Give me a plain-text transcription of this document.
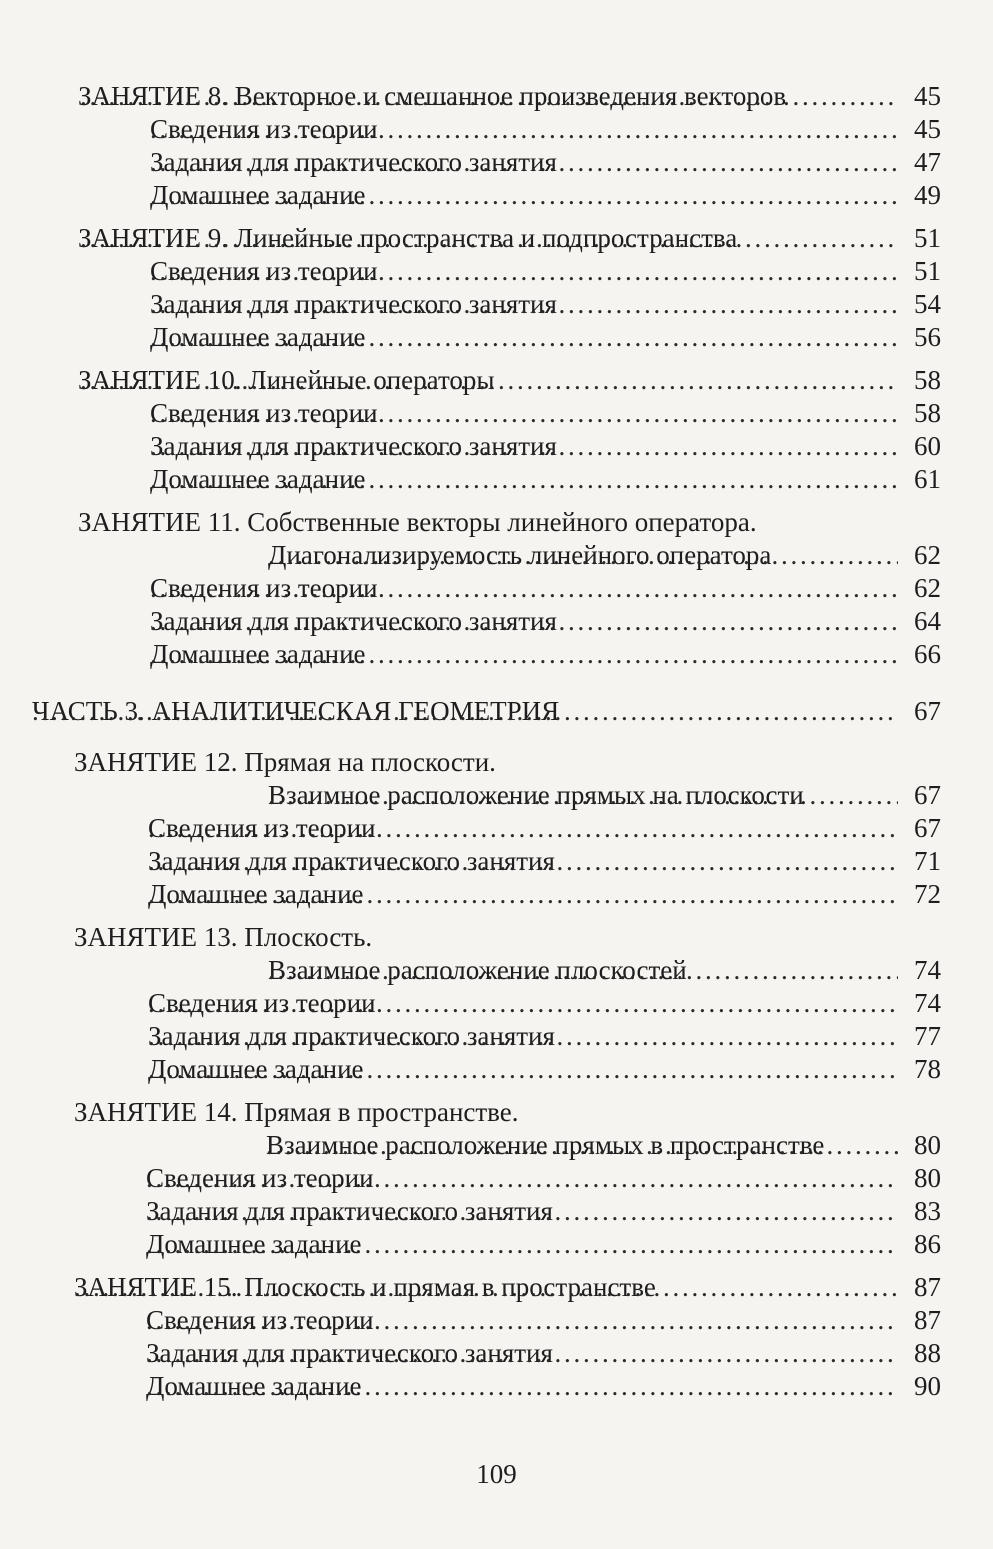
ЗАНЯТИЕ 8. Векторное и смешанное произведения векторов . . .	45
Сведения из теории . . .	45
Задания для практического занятия . . .	47
Домашнее задание . . .	49
ЗАНЯТИЕ 9. Линейные пространства и подпространства . . .	51
Сведения из теории . . .	51
Задания для практического занятия . . .	54
Домашнее задание . . .	56
ЗАНЯТИЕ 10. Линейные операторы . . .	58
Сведения из теории . . .	58
Задания для практического занятия . . .	60
Домашнее задание . . .	61
ЗАНЯТИЕ 11. Собственные векторы линейного оператора.
Диагонализируемость линейного оператора . . .	62
Сведения из теории . . .	62
Задания для практического занятия . . .	64
Домашнее задание . . .	66
ЧАСТЬ 3. АНАЛИТИЧЕСКАЯ ГЕОМЕТРИЯ . . .	67
ЗАНЯТИЕ 12. Прямая на плоскости.
Взаимное расположение прямых на плоскости . . .	67
Сведения из теории . . .	67
Задания для практического занятия . . .	71
Домашнее задание . . .	72
ЗАНЯТИЕ 13. Плоскость.
Взаимное расположение плоскостей . . .	74
Сведения из теории . . .	74
Задания для практического занятия . . .	77
Домашнее задание . . .	78
ЗАНЯТИЕ 14. Прямая в пространстве.
Взаимное расположение прямых в пространстве . . .	80
Сведения из теории . . .	80
Задания для практического занятия . . .	83
Домашнее задание . . .	86
ЗАНЯТИЕ 15. Плоскость и прямая в пространстве . . .	87
Сведения из теории . . .	87
Задания для практического занятия . . .	88
Домашнее задание . . .	90
109
